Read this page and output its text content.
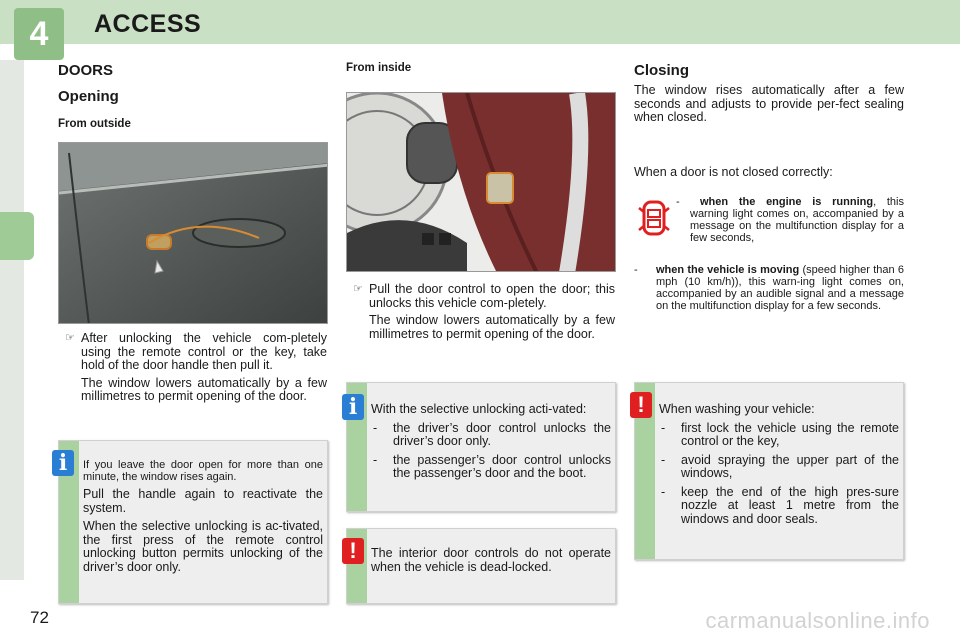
4	ACCESS
DOORS
Opening
From outside
From inside	Closing
☞ After unlocking the vehicle com-pletely using the remote control or the key, take hold of the door handle then pull it.

The window lowers automatically by a few millimetres to permit opening of the door.

☞ Pull the door control to open the door; this unlocks this vehicle com-pletely.

The window lowers automatically by a few millimetres to permit opening of the door.

If you leave the door open for more than one minute, the window rises again.

Pull the handle again to reactivate the system.

When the selective unlocking is ac-tivated, the first press of the remote control unlocking button permits unlocking of the driver’s door only.

i

With the selective unlocking acti-vated:

- the driver’s door control unlocks the driver’s door only.
- the passenger’s door control unlocks the passenger’s door and the boot.
i

The interior door controls do not operate when the vehicle is dead-locked.

!
The window rises automatically after a few seconds and adjusts to provide per-fect sealing when closed.
When a door is not closed correctly:
- when the engine is running, this warning light comes on, accompanied by a message on the multifunction display for a few seconds,
- when the vehicle is moving (speed higher than 6 mph (10 km/h)), this warn-ing light comes on, accompanied by an audible signal and a message on the multifunction display for a few seconds.

When washing your vehicle:

- first lock the vehicle using the remote control or the key,
- avoid spraying the upper part of the windows,
- keep the end of the high pres-sure nozzle at least 1 metre from the windows and door seals.
!
72	carmanualsonline.info
